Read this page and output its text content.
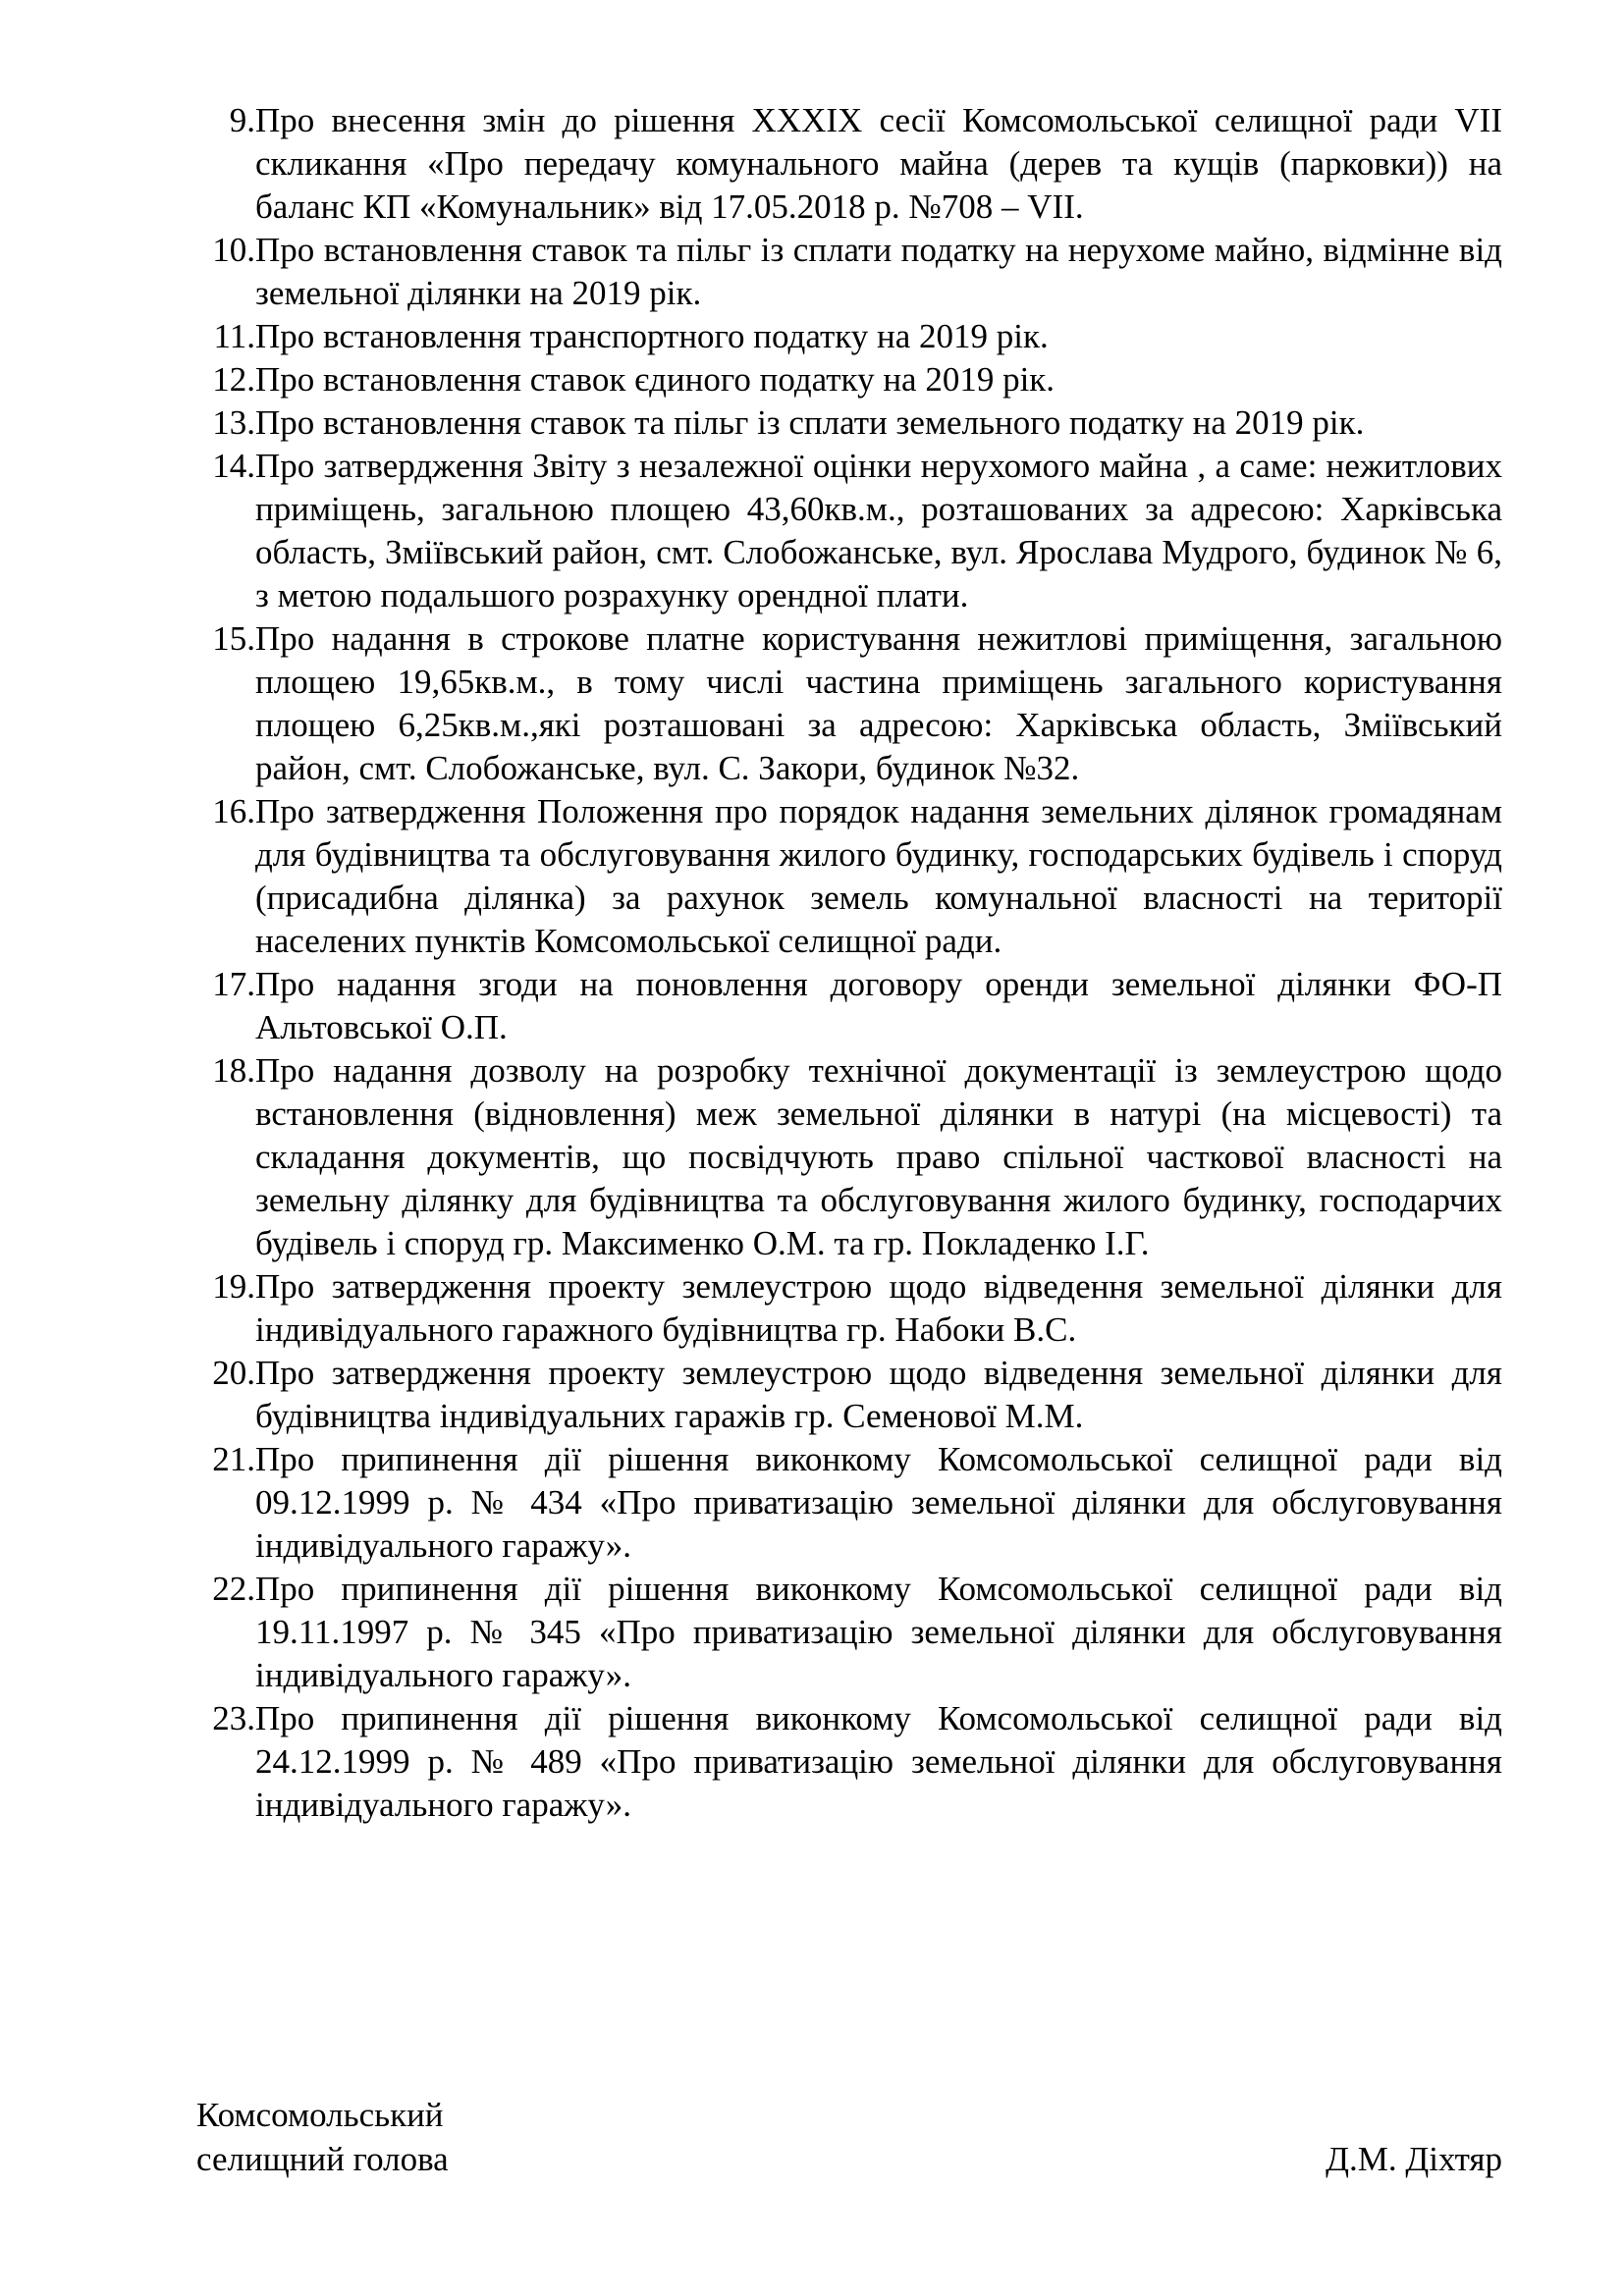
9. Про внесення змін до рішення XXXIX сесії Комсомольської селищної ради VII скликання «Про передачу комунального майна (дерев та кущів (парковки)) на баланс КП «Комунальник» від 17.05.2018 р. №708 – VII.
10. Про встановлення ставок та пільг із сплати податку на нерухоме майно, відмінне від земельної ділянки на 2019 рік.
11. Про встановлення транспортного податку на 2019 рік.
12. Про встановлення ставок єдиного податку на 2019 рік.
13. Про встановлення ставок та пільг із сплати земельного податку на 2019 рік.
14. Про затвердження Звіту з незалежної оцінки нерухомого майна , а саме: нежитлових приміщень, загальною площею 43,60кв.м., розташованих за адресою: Харківська область, Зміївський район, смт. Слобожанське, вул. Ярослава Мудрого, будинок № 6, з метою подальшого розрахунку орендної плати.
15. Про надання в строкове платне користування нежитлові приміщення, загальною площею 19,65кв.м., в тому числі частина приміщень загального користування площею 6,25кв.м.,які розташовані за адресою: Харківська область, Зміївський район, смт. Слобожанське, вул. С. Закори, будинок №32.
16. Про затвердження Положення про порядок надання земельних ділянок громадянам для будівництва та обслуговування жилого будинку, господарських будівель і споруд (присадибна ділянка) за рахунок земель комунальної власності на території населених пунктів Комсомольської селищної ради.
17. Про надання згоди на поновлення договору оренди земельної ділянки ФО-П Альтовської О.П.
18. Про надання дозволу на розробку технічної документації із землеустрою щодо встановлення (відновлення) меж земельної ділянки в натурі (на місцевості) та складання документів, що посвідчують право спільної часткової власності на земельну ділянку для будівництва та обслуговування жилого будинку, господарчих будівель і споруд гр. Максименко О.М. та гр. Покладенко І.Г.
19. Про затвердження проекту землеустрою щодо відведення земельної ділянки для індивідуального гаражного будівництва гр. Набоки В.С.
20. Про затвердження проекту землеустрою щодо відведення земельної ділянки для будівництва індивідуальних гаражів гр. Семенової М.М.
21. Про припинення дії рішення виконкому Комсомольської селищної ради від 09.12.1999 р. № 434 «Про приватизацію земельної ділянки для обслуговування індивідуального гаражу».
22. Про припинення дії рішення виконкому Комсомольської селищної ради від 19.11.1997 р. № 345 «Про приватизацію земельної ділянки для обслуговування індивідуального гаражу».
23. Про припинення дії рішення виконкому Комсомольської селищної ради від 24.12.1999 р. № 489 «Про приватизацію земельної ділянки для обслуговування індивідуального гаражу».
Комсомольський
селищний голова	Д.М. Діхтяр
